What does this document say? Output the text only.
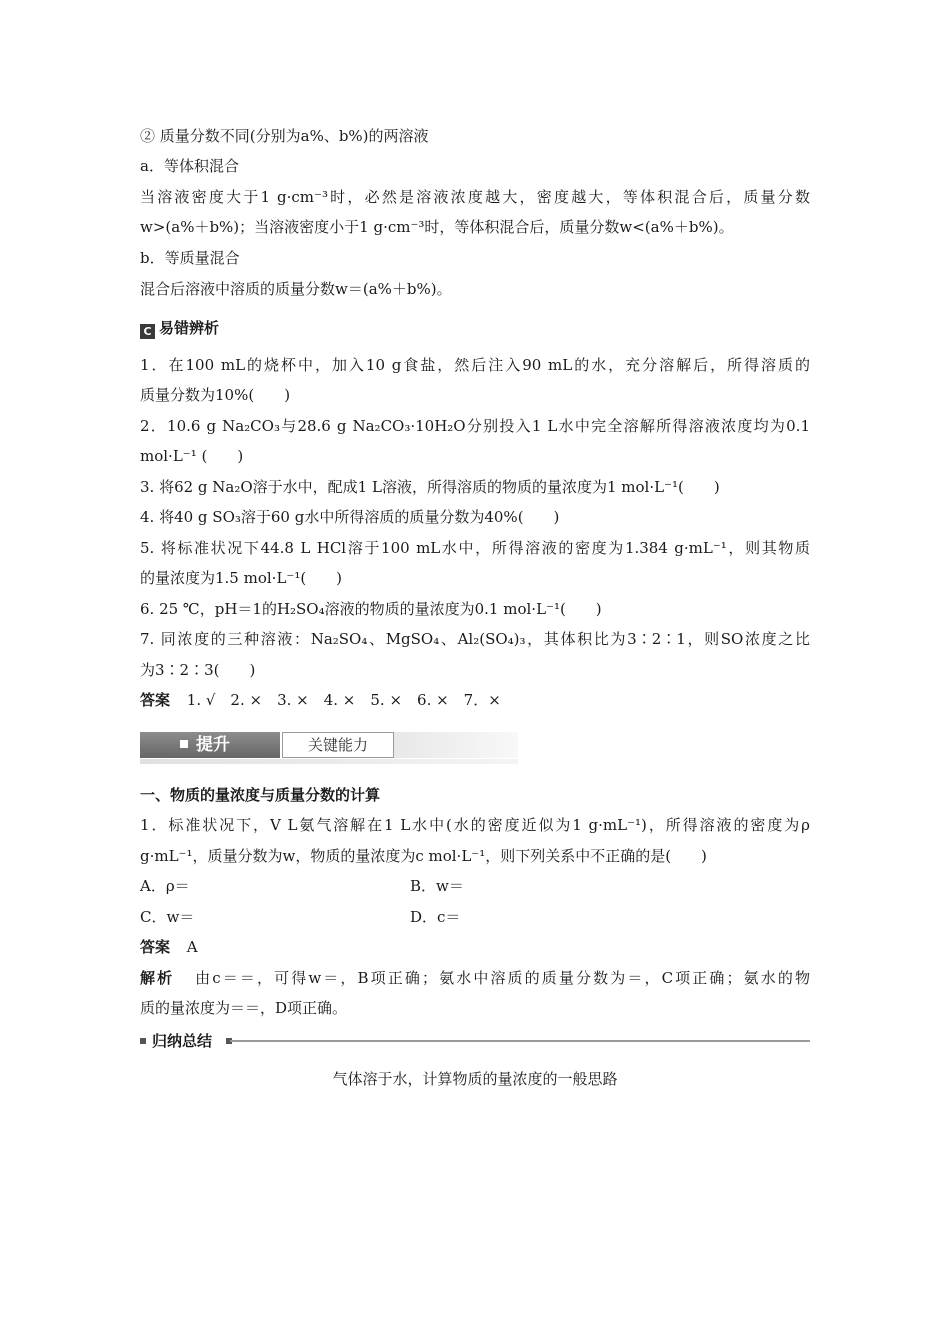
② 质量分数不同(分别为a%、b%)的两溶液
a．等体积混合
当溶液密度大于1 g·cm⁻³时，必然是溶液浓度越大，密度越大，等体积混合后，质量分数
w>(a%＋b%)；当溶液密度小于1 g·cm⁻³时，等体积混合后，质量分数w<(a%＋b%)。
b．等质量混合
混合后溶液中溶质的质量分数w＝(a%＋b%)。
C 易错辨析
1．在100 mL的烧杯中，加入10 g食盐，然后注入90 mL的水，充分溶解后，所得溶质的
质量分数为10%(　　)
2．10.6 g Na₂CO₃与28.6 g Na₂CO₃·10H₂O分别投入1 L水中完全溶解所得溶液浓度均为0.1
mol·L⁻¹ (　　)
3. 将62 g Na₂O溶于水中，配成1 L溶液，所得溶质的物质的量浓度为1 mol·L⁻¹(　　)
4. 将40 g SO₃溶于60 g水中所得溶质的质量分数为40%(　　)
5. 将标准状况下44.8 L HCl溶于100 mL水中，所得溶液的密度为1.384 g·mL⁻¹，则其物质
的量浓度为1.5 mol·L⁻¹(　　)
6. 25 ℃，pH＝1的H₂SO₄溶液的物质的量浓度为0.1 mol·L⁻¹(　　)
7. 同浓度的三种溶液：Na₂SO₄、MgSO₄、Al₂(SO₄)₃，其体积比为3∶2∶1，则SO浓度之比
为3∶2∶3(　　)
答案 1. √　2. ×　3. ×　4. ×　5. ×　6. ×　7．×
提升	关键能力
一、物质的量浓度与质量分数的计算
1．标准状况下，V L氨气溶解在1 L水中(水的密度近似为1 g·mL⁻¹)，所得溶液的密度为ρ
g·mL⁻¹，质量分数为w，物质的量浓度为c mol·L⁻¹，则下列关系中不正确的是(　　)
A．ρ＝	B．w＝
C．w＝	D．c＝
答案 A
解析 由c＝＝，可得w＝，B项正确；氨水中溶质的质量分数为＝，C项正确；氨水的物
质的量浓度为＝＝，D项正确。
归纳总结
气体溶于水，计算物质的量浓度的一般思路
